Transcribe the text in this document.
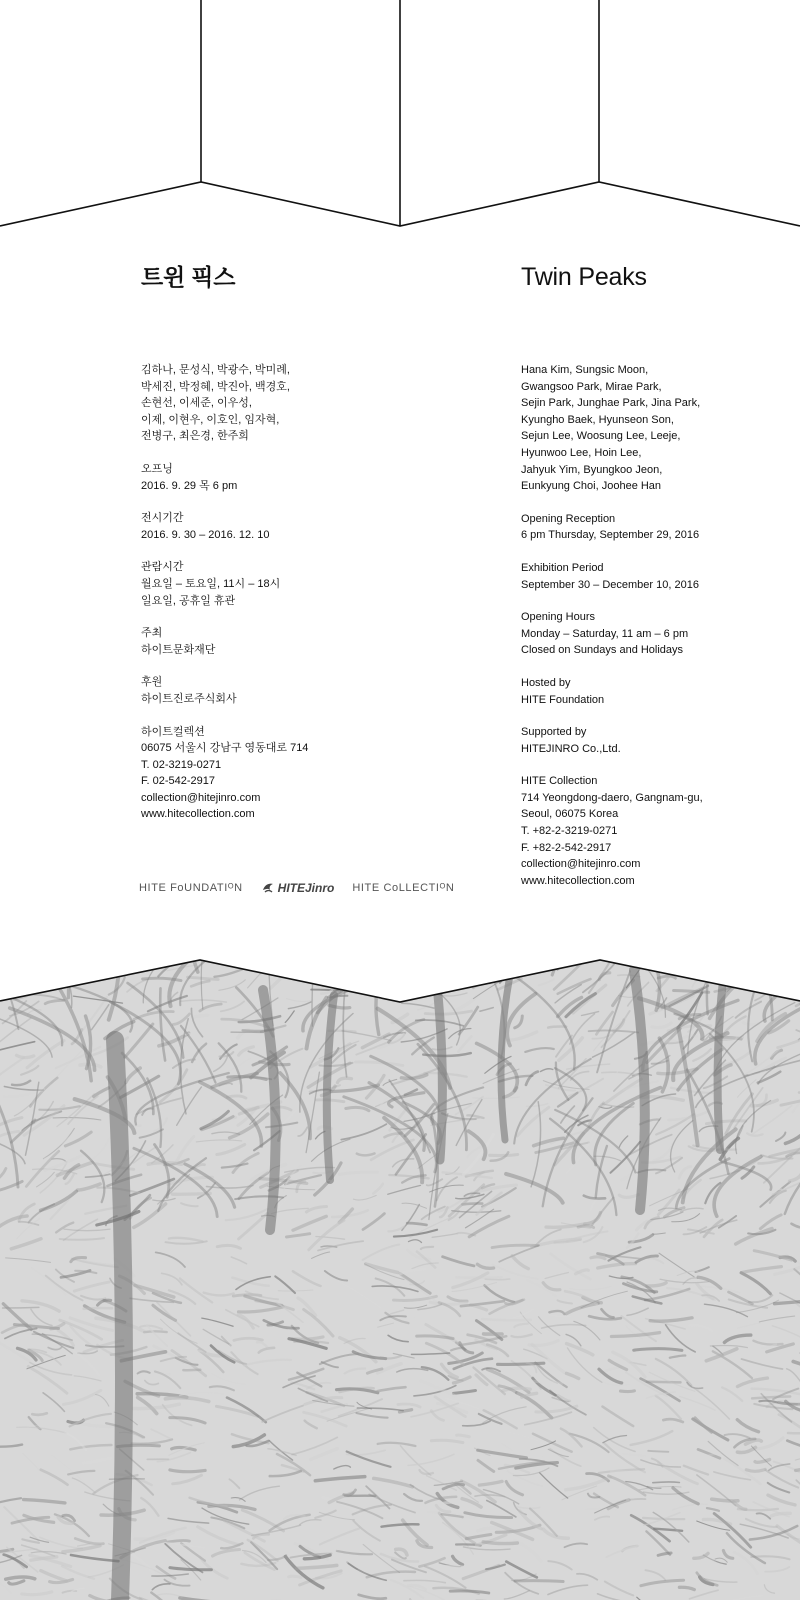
트윈 픽스
김하나, 문성식, 박광수, 박미례,
박세진, 박정혜, 박진아, 백경호,
손현선, 이세준, 이우성,
이제, 이현우, 이호인, 임자혁,
전병구, 최은경, 한주희
오프닝
2016. 9. 29 목 6 pm
전시기간
2016. 9. 30 – 2016. 12. 10
관람시간
월요일 – 토요일, 11시 – 18시
일요일, 공휴일 휴관
주최
하이트문화재단
후원
하이트진로주식회사
하이트컬렉션
06075 서울시 강남구 영동대로 714
T. 02-3219-0271
F. 02-542-2917
collection@hitejinro.com
www.hitecollection.com
Twin Peaks
Hana Kim, Sungsic Moon,
Gwangsoo Park, Mirae Park,
Sejin Park, Junghae Park, Jina Park,
Kyungho Baek, Hyunseon Son,
Sejun Lee, Woosung Lee, Leeje,
Hyunwoo Lee, Hoin Lee,
Jahyuk Yim, Byungkoo Jeon,
Eunkyung Choi, Joohee Han
Opening Reception
6 pm Thursday, September 29, 2016
Exhibition Period
September 30 – December 10, 2016
Opening Hours
Monday – Saturday, 11 am – 6 pm
Closed on Sundays and Holidays
Hosted by
HITE Foundation
Supported by
HITEJINRO Co.,Ltd.
HITE Collection
714 Yeongdong-daero, Gangnam-gu,
Seoul, 06075 Korea
T. +82-2-3219-0271
F. +82-2-542-2917
collection@hitejinro.com
www.hitecollection.com
HITE FoUNDATIᴼN	HITEJinro HITE CoLLECTIᴼN
